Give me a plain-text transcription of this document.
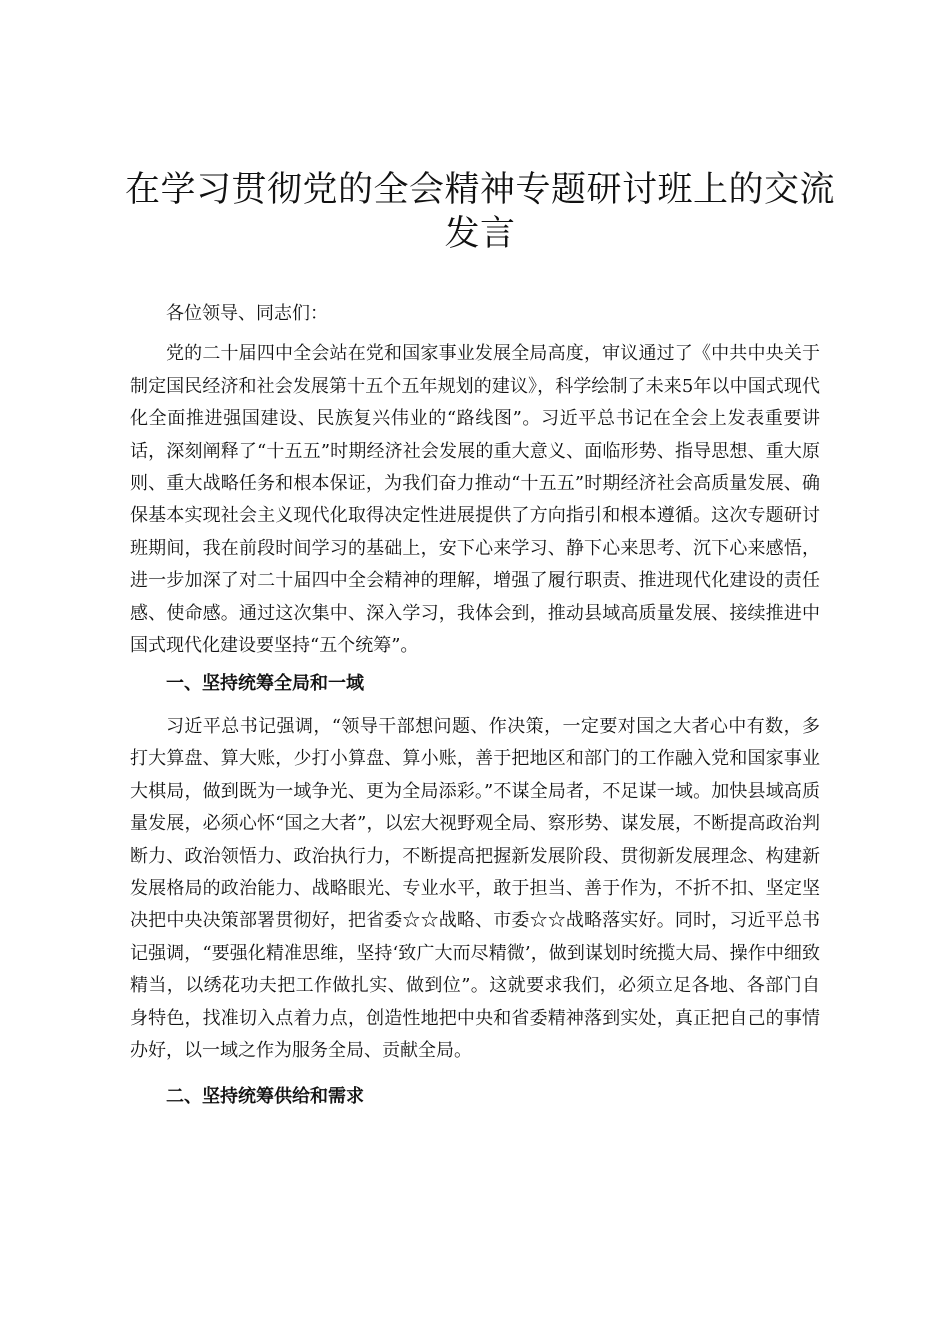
在学习贯彻党的全会精神专题研讨班上的交流发言

各位领导、同志们：

党的二十届四中全会站在党和国家事业发展全局高度，审议通过了《中共中央关于制定国民经济和社会发展第十五个五年规划的建议》，科学绘制了未来5年以中国式现代化全面推进强国建设、民族复兴伟业的“路线图”。习近平总书记在全会上发表重要讲话，深刻阐释了“十五五”时期经济社会发展的重大意义、面临形势、指导思想、重大原则、重大战略任务和根本保证，为我们奋力推动“十五五”时期经济社会高质量发展、确保基本实现社会主义现代化取得决定性进展提供了方向指引和根本遵循。这次专题研讨班期间，我在前段时间学习的基础上，安下心来学习、静下心来思考、沉下心来感悟，进一步加深了对二十届四中全会精神的理解，增强了履行职责、推进现代化建设的责任感、使命感。通过这次集中、深入学习，我体会到，推动县域高质量发展、接续推进中国式现代化建设要坚持“五个统筹”。

一、坚持统筹全局和一域

习近平总书记强调，“领导干部想问题、作决策，一定要对国之大者心中有数，多打大算盘、算大账，少打小算盘、算小账，善于把地区和部门的工作融入党和国家事业大棋局，做到既为一域争光、更为全局添彩。”不谋全局者，不足谋一域。加快县域高质量发展，必须心怀“国之大者”，以宏大视野观全局、察形势、谋发展，不断提高政治判断力、政治领悟力、政治执行力，不断提高把握新发展阶段、贯彻新发展理念、构建新发展格局的政治能力、战略眼光、专业水平，敢于担当、善于作为，不折不扣、坚定坚决把中央决策部署贯彻好，把省委☆☆战略、市委☆☆战略落实好。同时，习近平总书记强调，“要强化精准思维，坚持‘致广大而尽精微’，做到谋划时统揽大局、操作中细致精当，以绣花功夫把工作做扎实、做到位”。这就要求我们，必须立足各地、各部门自身特色，找准切入点着力点，创造性地把中央和省委精神落到实处，真正把自己的事情办好，以一域之作为服务全局、贡献全局。

二、坚持统筹供给和需求
